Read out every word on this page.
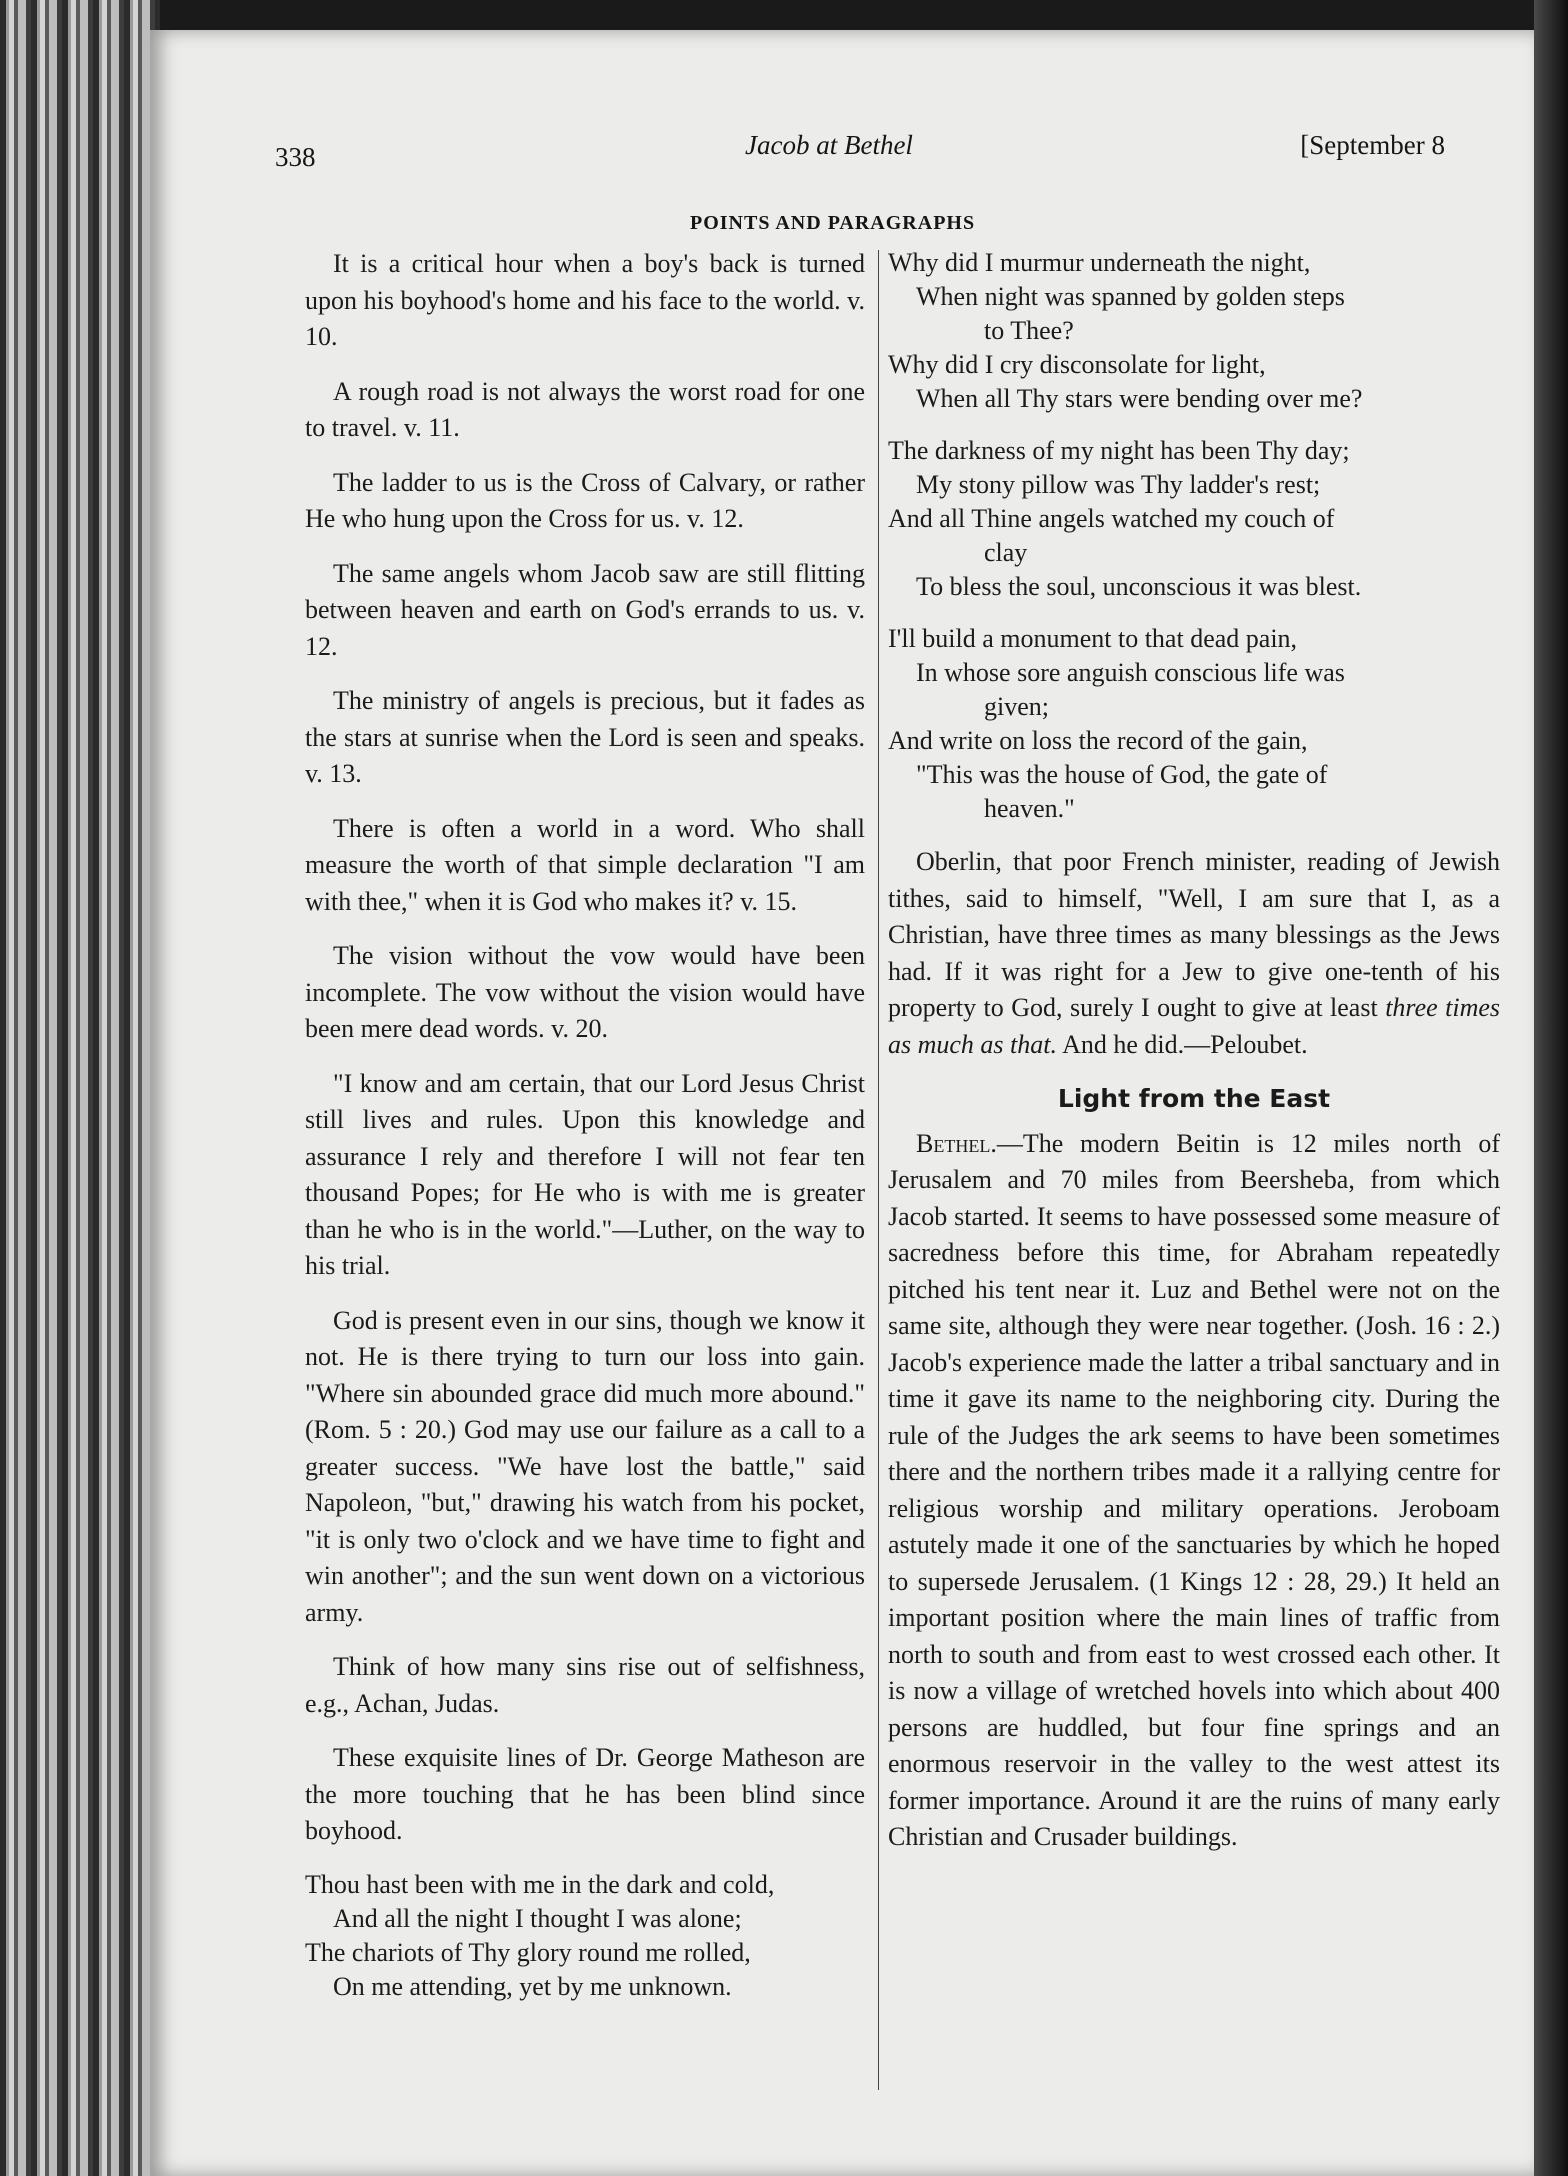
338	Jacob at Bethel	[September 8
POINTS AND PARAGRAPHS

It is a critical hour when a boy's back is turned upon his boyhood's home and his face to the world. v. 10.

A rough road is not always the worst road for one to travel. v. 11.

The ladder to us is the Cross of Calvary, or rather He who hung upon the Cross for us. v. 12.

The same angels whom Jacob saw are still flitting between heaven and earth on God's errands to us. v. 12.

The ministry of angels is precious, but it fades as the stars at sunrise when the Lord is seen and speaks. v. 13.

There is often a world in a word. Who shall measure the worth of that simple declaration "I am with thee," when it is God who makes it? v. 15.

The vision without the vow would have been incomplete. The vow without the vision would have been mere dead words. v. 20.

"I know and am certain, that our Lord Jesus Christ still lives and rules. Upon this knowledge and assurance I rely and therefore I will not fear ten thousand Popes; for He who is with me is greater than he who is in the world."—Luther, on the way to his trial.

God is present even in our sins, though we know it not. He is there trying to turn our loss into gain. "Where sin abounded grace did much more abound." (Rom. 5 : 20.) God may use our failure as a call to a greater success. "We have lost the battle," said Napoleon, "but," drawing his watch from his pocket, "it is only two o'clock and we have time to fight and win another"; and the sun went down on a victorious army.

Think of how many sins rise out of selfishness, e.g., Achan, Judas.

These exquisite lines of Dr. George Matheson are the more touching that he has been blind since boyhood.

Thou hast been with me in the dark and cold,
And all the night I thought I was alone;
The chariots of Thy glory round me rolled,
On me attending, yet by me unknown.
Why did I murmur underneath the night,
When night was spanned by golden steps
to Thee?
Why did I cry disconsolate for light,
When all Thy stars were bending over me?
The darkness of my night has been Thy day;
My stony pillow was Thy ladder's rest;
And all Thine angels watched my couch of
clay
To bless the soul, unconscious it was blest.
I'll build a monument to that dead pain,
In whose sore anguish conscious life was
given;
And write on loss the record of the gain,
"This was the house of God, the gate of
heaven."

Oberlin, that poor French minister, reading of Jewish tithes, said to himself, "Well, I am sure that I, as a Christian, have three times as many blessings as the Jews had. If it was right for a Jew to give one-tenth of his property to God, surely I ought to give at least three times as much as that. And he did.—Peloubet.

Light from the East

Bethel.—The modern Beitin is 12 miles north of Jerusalem and 70 miles from Beersheba, from which Jacob started. It seems to have possessed some measure of sacredness before this time, for Abraham repeatedly pitched his tent near it. Luz and Bethel were not on the same site, although they were near together. (Josh. 16 : 2.) Jacob's experience made the latter a tribal sanctuary and in time it gave its name to the neighboring city. During the rule of the Judges the ark seems to have been sometimes there and the northern tribes made it a rallying centre for religious worship and military operations. Jeroboam astutely made it one of the sanctuaries by which he hoped to supersede Jerusalem. (1 Kings 12 : 28, 29.) It held an important position where the main lines of traffic from north to south and from east to west crossed each other. It is now a village of wretched hovels into which about 400 persons are huddled, but four fine springs and an enormous reservoir in the valley to the west attest its former importance. Around it are the ruins of many early Christian and Crusader buildings.
